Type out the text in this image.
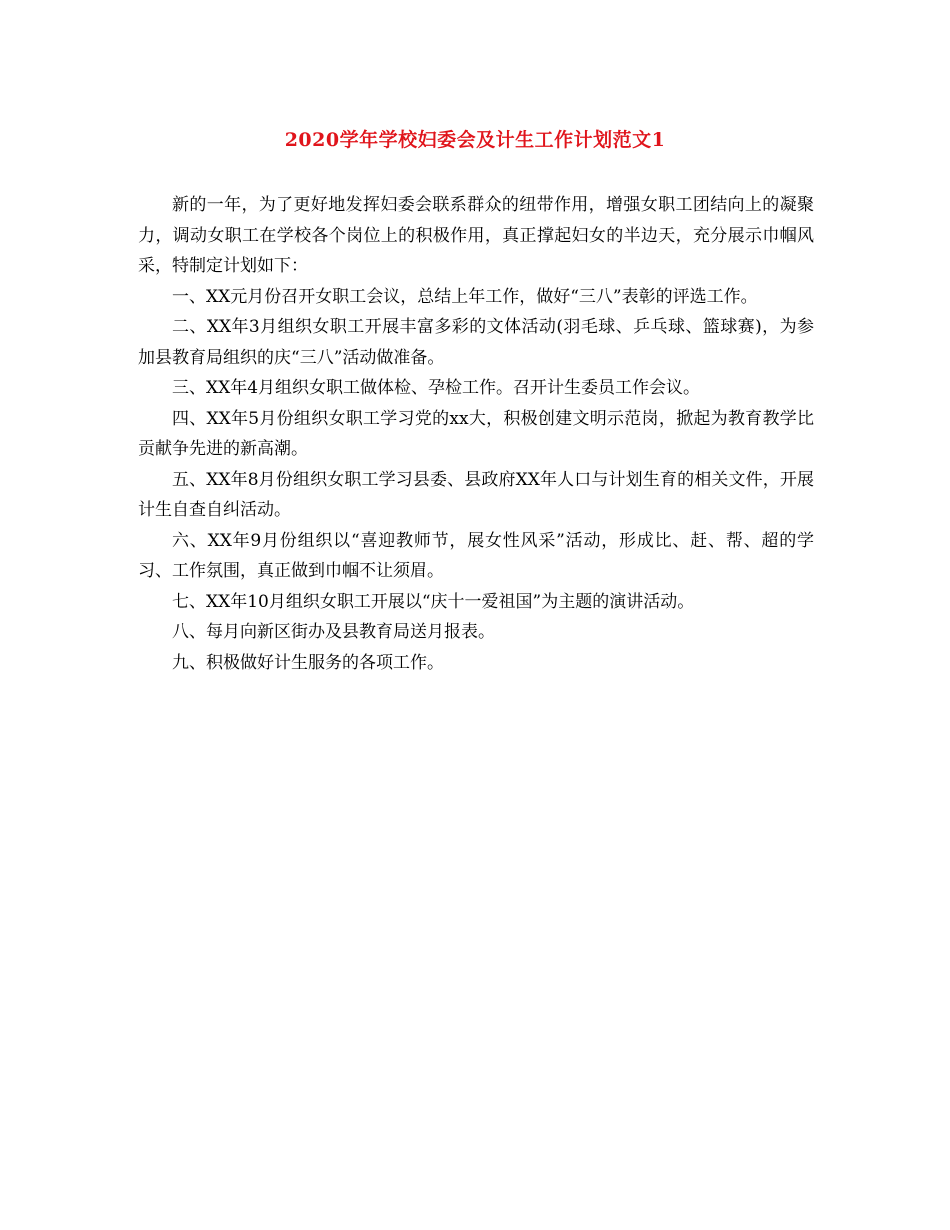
2020学年学校妇委会及计生工作计划范文1

新的一年，为了更好地发挥妇委会联系群众的纽带作用，增强女职工团结向上的凝聚力，调动女职工在学校各个岗位上的积极作用，真正撑起妇女的半边天，充分展示巾帼风采，特制定计划如下：

一、XX元月份召开女职工会议，总结上年工作，做好“三八”表彰的评选工作。

二、XX年3月组织女职工开展丰富多彩的文体活动(羽毛球、乒乓球、篮球赛)，为参加县教育局组织的庆“三八”活动做准备。

三、XX年4月组织女职工做体检、孕检工作。召开计生委员工作会议。

四、XX年5月份组织女职工学习党的xx大，积极创建文明示范岗，掀起为教育教学比贡献争先进的新高潮。

五、XX年8月份组织女职工学习县委、县政府XX年人口与计划生育的相关文件，开展计生自查自纠活动。

六、XX年9月份组织以“喜迎教师节，展女性风采”活动，形成比、赶、帮、超的学习、工作氛围，真正做到巾帼不让须眉。

七、XX年10月组织女职工开展以“庆十一爱祖国”为主题的演讲活动。

八、每月向新区街办及县教育局送月报表。

九、积极做好计生服务的各项工作。
